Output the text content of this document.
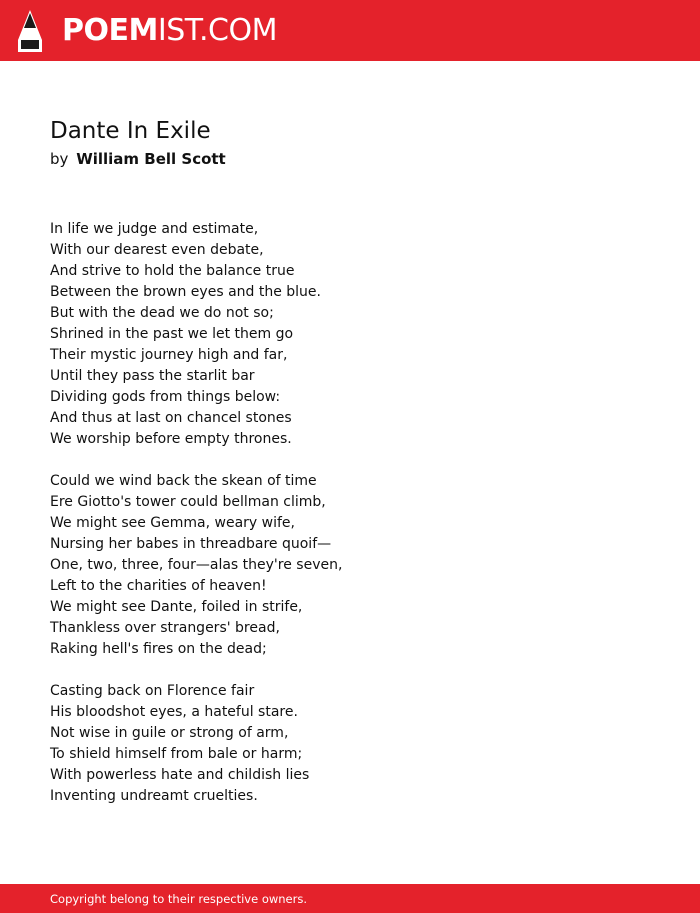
POEMIST.COM
Dante In Exile
by William Bell Scott
In life we judge and estimate,
With our dearest even debate,
And strive to hold the balance true
Between the brown eyes and the blue.
But with the dead we do not so;
Shrined in the past we let them go
Their mystic journey high and far,
Until they pass the starlit bar
Dividing gods from things below:
And thus at last on chancel stones
We worship before empty thrones.
Could we wind back the skean of time
Ere Giotto's tower could bellman climb,
We might see Gemma, weary wife,
Nursing her babes in threadbare quoif—
One, two, three, four—alas they're seven,
Left to the charities of heaven!
We might see Dante, foiled in strife,
Thankless over strangers' bread,
Raking hell's fires on the dead;
Casting back on Florence fair
His bloodshot eyes, a hateful stare.
Not wise in guile or strong of arm,
To shield himself from bale or harm;
With powerless hate and childish lies
Inventing undreamt cruelties.
Copyright belong to their respective owners.
